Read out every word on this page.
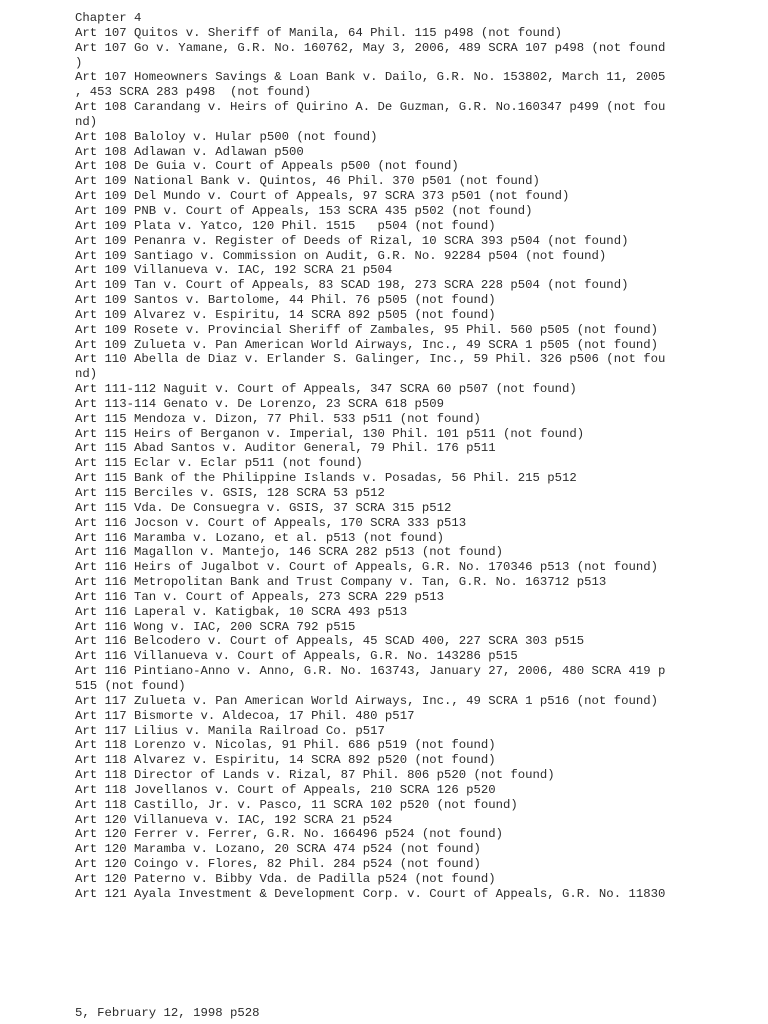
Chapter 4
Art 107 Quitos v. Sheriff of Manila, 64 Phil. 115 p498 (not found)
Art 107 Go v. Yamane, G.R. No. 160762, May 3, 2006, 489 SCRA 107 p498 (not found
)
Art 107 Homeowners Savings & Loan Bank v. Dailo, G.R. No. 153802, March 11, 2005
, 453 SCRA 283 p498  (not found)
Art 108 Carandang v. Heirs of Quirino A. De Guzman, G.R. No.160347 p499 (not fou
nd)
Art 108 Baloloy v. Hular p500 (not found)
Art 108 Adlawan v. Adlawan p500
Art 108 De Guia v. Court of Appeals p500 (not found)
Art 109 National Bank v. Quintos, 46 Phil. 370 p501 (not found)
Art 109 Del Mundo v. Court of Appeals, 97 SCRA 373 p501 (not found)
Art 109 PNB v. Court of Appeals, 153 SCRA 435 p502 (not found)
Art 109 Plata v. Yatco, 120 Phil. 1515   p504 (not found)
Art 109 Penanra v. Register of Deeds of Rizal, 10 SCRA 393 p504 (not found)
Art 109 Santiago v. Commission on Audit, G.R. No. 92284 p504 (not found)
Art 109 Villanueva v. IAC, 192 SCRA 21 p504
Art 109 Tan v. Court of Appeals, 83 SCAD 198, 273 SCRA 228 p504 (not found)
Art 109 Santos v. Bartolome, 44 Phil. 76 p505 (not found)
Art 109 Alvarez v. Espiritu, 14 SCRA 892 p505 (not found)
Art 109 Rosete v. Provincial Sheriff of Zambales, 95 Phil. 560 p505 (not found)
Art 109 Zulueta v. Pan American World Airways, Inc., 49 SCRA 1 p505 (not found)
Art 110 Abella de Diaz v. Erlander S. Galinger, Inc., 59 Phil. 326 p506 (not fou
nd)
Art 111-112 Naguit v. Court of Appeals, 347 SCRA 60 p507 (not found)
Art 113-114 Genato v. De Lorenzo, 23 SCRA 618 p509
Art 115 Mendoza v. Dizon, 77 Phil. 533 p511 (not found)
Art 115 Heirs of Berganon v. Imperial, 130 Phil. 101 p511 (not found)
Art 115 Abad Santos v. Auditor General, 79 Phil. 176 p511
Art 115 Eclar v. Eclar p511 (not found)
Art 115 Bank of the Philippine Islands v. Posadas, 56 Phil. 215 p512
Art 115 Berciles v. GSIS, 128 SCRA 53 p512
Art 115 Vda. De Consuegra v. GSIS, 37 SCRA 315 p512
Art 116 Jocson v. Court of Appeals, 170 SCRA 333 p513
Art 116 Maramba v. Lozano, et al. p513 (not found)
Art 116 Magallon v. Mantejo, 146 SCRA 282 p513 (not found)
Art 116 Heirs of Jugalbot v. Court of Appeals, G.R. No. 170346 p513 (not found)
Art 116 Metropolitan Bank and Trust Company v. Tan, G.R. No. 163712 p513
Art 116 Tan v. Court of Appeals, 273 SCRA 229 p513
Art 116 Laperal v. Katigbak, 10 SCRA 493 p513
Art 116 Wong v. IAC, 200 SCRA 792 p515
Art 116 Belcodero v. Court of Appeals, 45 SCAD 400, 227 SCRA 303 p515
Art 116 Villanueva v. Court of Appeals, G.R. No. 143286 p515
Art 116 Pintiano-Anno v. Anno, G.R. No. 163743, January 27, 2006, 480 SCRA 419 p
515 (not found)
Art 117 Zulueta v. Pan American World Airways, Inc., 49 SCRA 1 p516 (not found)
Art 117 Bismorte v. Aldecoa, 17 Phil. 480 p517
Art 117 Lilius v. Manila Railroad Co. p517
Art 118 Lorenzo v. Nicolas, 91 Phil. 686 p519 (not found)
Art 118 Alvarez v. Espiritu, 14 SCRA 892 p520 (not found)
Art 118 Director of Lands v. Rizal, 87 Phil. 806 p520 (not found)
Art 118 Jovellanos v. Court of Appeals, 210 SCRA 126 p520
Art 118 Castillo, Jr. v. Pasco, 11 SCRA 102 p520 (not found)
Art 120 Villanueva v. IAC, 192 SCRA 21 p524
Art 120 Ferrer v. Ferrer, G.R. No. 166496 p524 (not found)
Art 120 Maramba v. Lozano, 20 SCRA 474 p524 (not found)
Art 120 Coingo v. Flores, 82 Phil. 284 p524 (not found)
Art 120 Paterno v. Bibby Vda. de Padilla p524 (not found)
Art 121 Ayala Investment & Development Corp. v. Court of Appeals, G.R. No. 11830
5, February 12, 1998 p528
